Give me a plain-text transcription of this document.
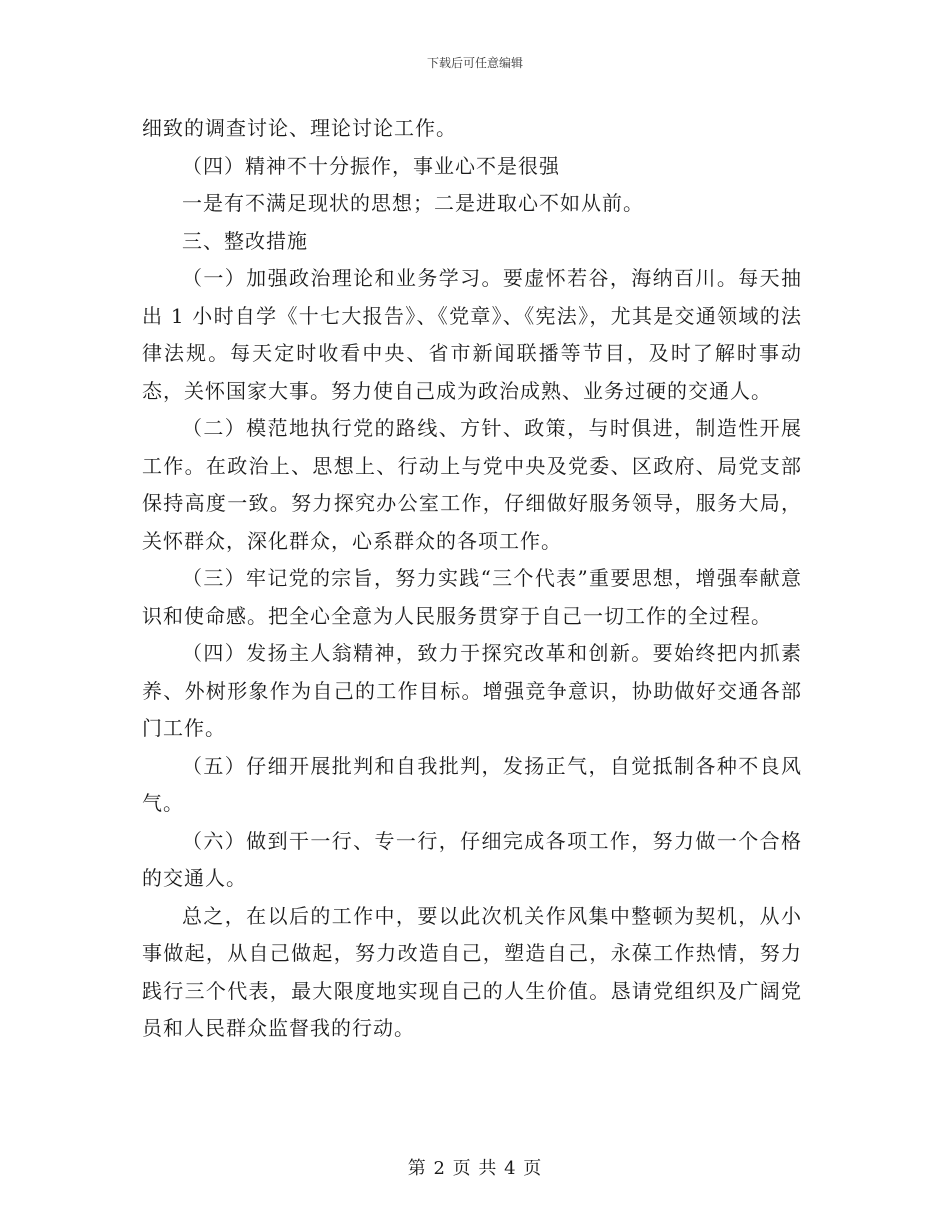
下载后可任意编辑

细致的调查讨论、理论讨论工作。

（四）精神不十分振作，事业心不是很强

一是有不满足现状的思想；二是进取心不如从前。

三、整改措施

（一）加强政治理论和业务学习。要虚怀若谷，海纳百川。每天抽出 1 小时自学《十七大报告》、《党章》、《宪法》，尤其是交通领域的法律法规。每天定时收看中央、省市新闻联播等节目，及时了解时事动态，关怀国家大事。努力使自己成为政治成熟、业务过硬的交通人。

（二）模范地执行党的路线、方针、政策，与时俱进，制造性开展工作。在政治上、思想上、行动上与党中央及党委、区政府、局党支部保持高度一致。努力探究办公室工作，仔细做好服务领导，服务大局，关怀群众，深化群众，心系群众的各项工作。

（三）牢记党的宗旨，努力实践“三个代表”重要思想，增强奉献意识和使命感。把全心全意为人民服务贯穿于自己一切工作的全过程。

（四）发扬主人翁精神，致力于探究改革和创新。要始终把内抓素养、外树形象作为自己的工作目标。增强竞争意识，协助做好交通各部门工作。

（五）仔细开展批判和自我批判，发扬正气，自觉抵制各种不良风气。

（六）做到干一行、专一行，仔细完成各项工作，努力做一个合格的交通人。

总之，在以后的工作中，要以此次机关作风集中整顿为契机，从小事做起，从自己做起，努力改造自己，塑造自己，永葆工作热情，努力践行三个代表，最大限度地实现自己的人生价值。恳请党组织及广阔党员和人民群众监督我的行动。

第 2 页 共 4 页
